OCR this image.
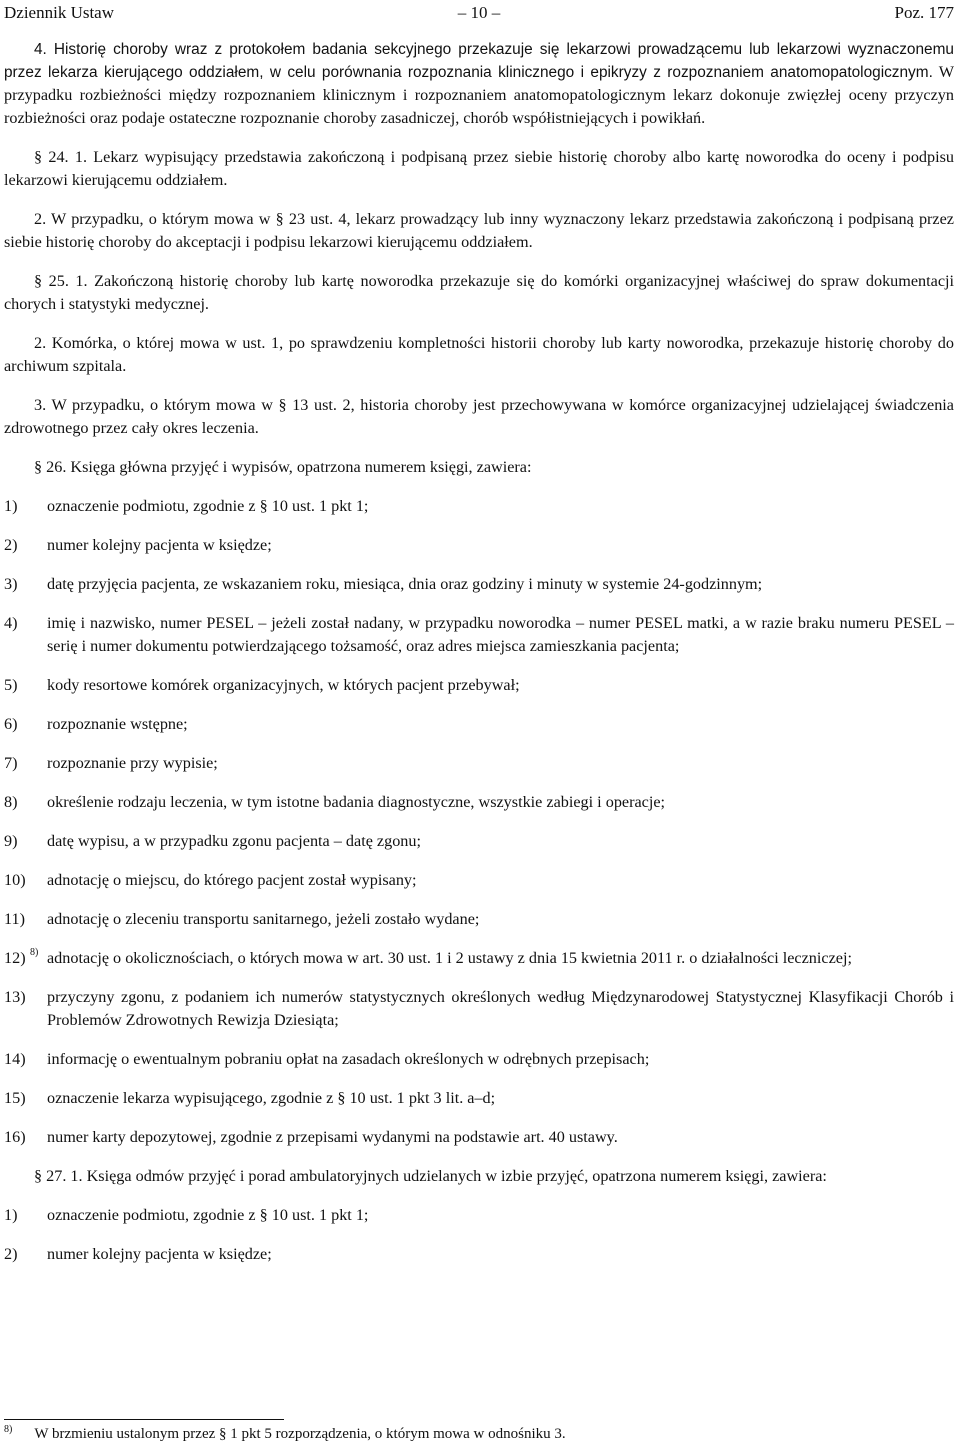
Dziennik Ustaw	– 10 –	Poz. 177

4. Historię choroby wraz z protokołem badania sekcyjnego przekazuje się lekarzowi prowadzącemu lub lekarzowi wyznaczonemu przez lekarza kierującego oddziałem, w celu porównania rozpoznania klinicznego i epikryzy z rozpoznaniem anatomopatologicznym. W przypadku rozbieżności między rozpoznaniem klinicznym i rozpoznaniem anatomopatologicznym lekarz dokonuje zwięzłej oceny przyczyn rozbieżności oraz podaje ostateczne rozpoznanie choroby zasadniczej, chorób współistniejących i powikłań.

§ 24. 1. Lekarz wypisujący przedstawia zakończoną i podpisaną przez siebie historię choroby albo kartę noworodka do oceny i podpisu lekarzowi kierującemu oddziałem.

2. W przypadku, o którym mowa w § 23 ust. 4, lekarz prowadzący lub inny wyznaczony lekarz przedstawia zakończoną i podpisaną przez siebie historię choroby do akceptacji i podpisu lekarzowi kierującemu oddziałem.

§ 25. 1. Zakończoną historię choroby lub kartę noworodka przekazuje się do komórki organizacyjnej właściwej do spraw dokumentacji chorych i statystyki medycznej.

2. Komórka, o której mowa w ust. 1, po sprawdzeniu kompletności historii choroby lub karty noworodka, przekazuje historię choroby do archiwum szpitala.

3. W przypadku, o którym mowa w § 13 ust. 2, historia choroby jest przechowywana w komórce organizacyjnej udzielającej świadczenia zdrowotnego przez cały okres leczenia.

§ 26. Księga główna przyjęć i wypisów, opatrzona numerem księgi, zawiera:

1) oznaczenie podmiotu, zgodnie z § 10 ust. 1 pkt 1;
2) numer kolejny pacjenta w księdze;
3) datę przyjęcia pacjenta, ze wskazaniem roku, miesiąca, dnia oraz godziny i minuty w systemie 24-godzinnym;
4) imię i nazwisko, numer PESEL – jeżeli został nadany, w przypadku noworodka – numer PESEL matki, a w razie braku numeru PESEL – serię i numer dokumentu potwierdzającego tożsamość, oraz adres miejsca zamieszkania pacjenta;
5) kody resortowe komórek organizacyjnych, w których pacjent przebywał;
6) rozpoznanie wstępne;
7) rozpoznanie przy wypisie;
8) określenie rodzaju leczenia, w tym istotne badania diagnostyczne, wszystkie zabiegi i operacje;
9) datę wypisu, a w przypadku zgonu pacjenta – datę zgonu;
10) adnotację o miejscu, do którego pacjent został wypisany;
11) adnotację o zleceniu transportu sanitarnego, jeżeli zostało wydane;
12) 8) adnotację o okolicznościach, o których mowa w art. 30 ust. 1 i 2 ustawy z dnia 15 kwietnia 2011 r. o działalności leczniczej;
13) przyczyny zgonu, z podaniem ich numerów statystycznych określonych według Międzynarodowej Statystycznej Klasyfikacji Chorób i Problemów Zdrowotnych Rewizja Dziesiąta;
14) informację o ewentualnym pobraniu opłat na zasadach określonych w odrębnych przepisach;
15) oznaczenie lekarza wypisującego, zgodnie z § 10 ust. 1 pkt 3 lit. a–d;
16) numer karty depozytowej, zgodnie z przepisami wydanymi na podstawie art. 40 ustawy.

§ 27. 1. Księga odmów przyjęć i porad ambulatoryjnych udzielanych w izbie przyjęć, opatrzona numerem księgi, zawiera:

1) oznaczenie podmiotu, zgodnie z § 10 ust. 1 pkt 1;
2) numer kolejny pacjenta w księdze;
$^{8)}$ W brzmieniu ustalonym przez § 1 pkt 5 rozporządzenia, o którym mowa w odnośniku 3.
